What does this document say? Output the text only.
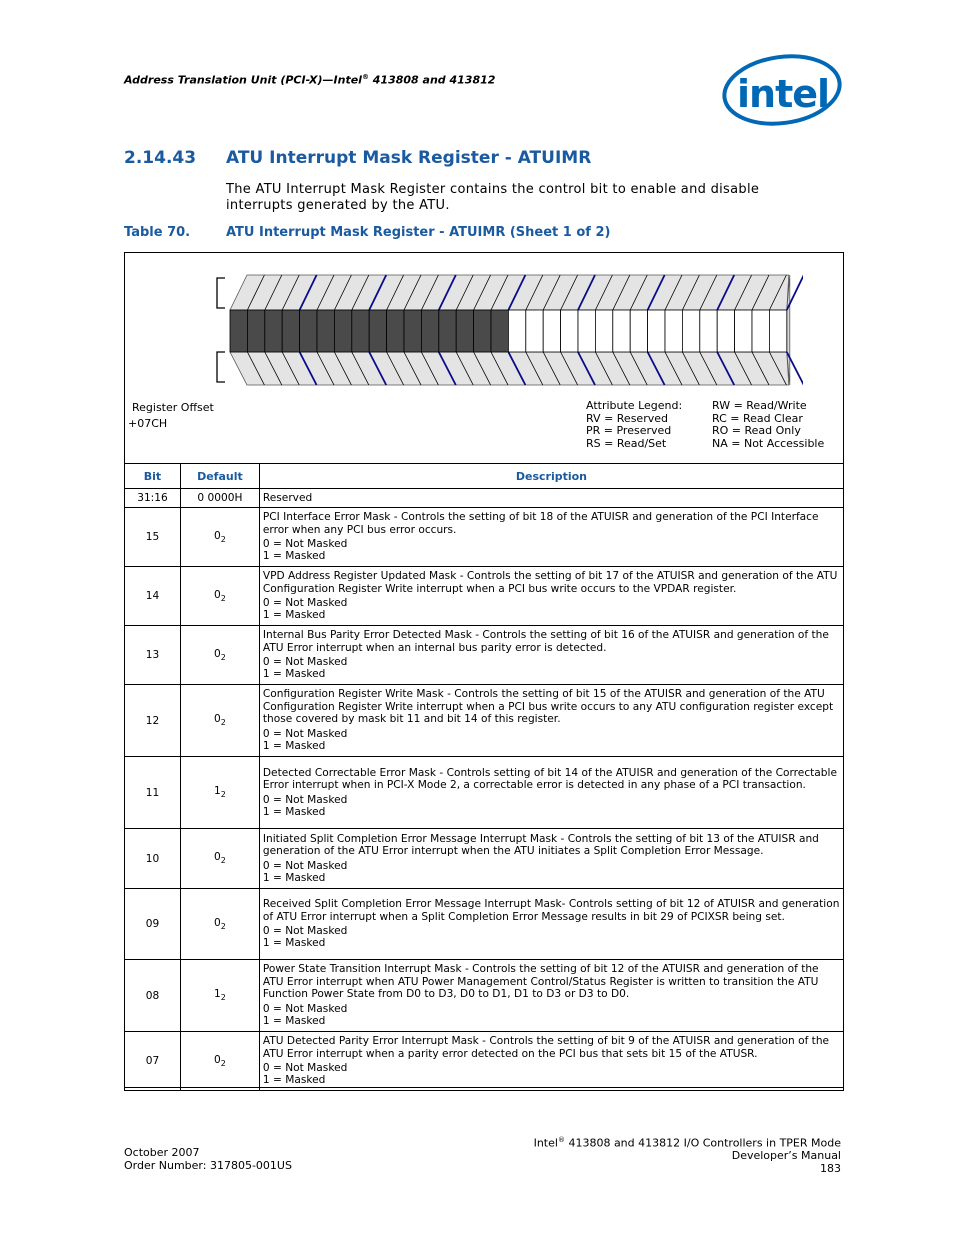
Address Translation Unit (PCI-X)—Intel® 413808 and 413812	intel
2.14.43 ATU Interrupt Mask Register - ATUIMR
The ATU Interrupt Mask Register contains the control bit to enable and disable interrupts generated by the ATU.
Table 70.	ATU Interrupt Mask Register - ATUIMR (Sheet 1 of 2)
Register Offset
+07CH
Attribute Legend:
RV = Reserved
PR = Preserved
RS = Read/Set
RW = Read/Write
RC = Read Clear
RO = Read Only
NA = Not Accessible
Bit	Default	Description
31:16	0 0000H	Reserved
15	$0_2$	PCI Interface Error Mask - Controls the setting of bit 18 of the ATUISR and generation of the PCI Interface error when any PCI bus error occurs.
0 = Not Masked
1 = Masked

14	$0_2$	VPD Address Register Updated Mask - Controls the setting of bit 17 of the ATUISR and generation of the ATU Configuration Register Write interrupt when a PCI bus write occurs to the VPDAR register.
0 = Not Masked
1 = Masked

13	$0_2$	Internal Bus Parity Error Detected Mask - Controls the setting of bit 16 of the ATUISR and generation of the ATU Error interrupt when an internal bus parity error is detected.
0 = Not Masked
1 = Masked

12	$0_2$	Configuration Register Write Mask - Controls the setting of bit 15 of the ATUISR and generation of the ATU Configuration Register Write interrupt when a PCI bus write occurs to any ATU configuration register except those covered by mask bit 11 and bit 14 of this register.
0 = Not Masked
1 = Masked

11	$1_2$	Detected Correctable Error Mask - Controls setting of bit 14 of the ATUISR and generation of the Correctable Error interrupt when in PCI-X Mode 2, a correctable error is detected in any phase of a PCI transaction.
0 = Not Masked
1 = Masked

10	$0_2$	Initiated Split Completion Error Message Interrupt Mask - Controls the setting of bit 13 of the ATUISR and generation of the ATU Error interrupt when the ATU initiates a Split Completion Error Message.
0 = Not Masked
1 = Masked

09	$0_2$	Received Split Completion Error Message Interrupt Mask- Controls setting of bit 12 of ATUISR and generation of ATU Error interrupt when a Split Completion Error Message results in bit 29 of PCIXSR being set.
0 = Not Masked
1 = Masked

08	$1_2$	Power State Transition Interrupt Mask - Controls the setting of bit 12 of the ATUISR and generation of the ATU Error interrupt when ATU Power Management Control/Status Register is written to transition the ATU Function Power State from D0 to D3, D0 to D1, D1 to D3 or D3 to D0.
0 = Not Masked
1 = Masked

07	$0_2$	ATU Detected Parity Error Interrupt Mask - Controls the setting of bit 9 of the ATUISR and generation of the ATU Error interrupt when a parity error detected on the PCI bus that sets bit 15 of the ATUSR.
0 = Not Masked
1 = Masked
October 2007
Order Number: 317805-001US
Intel® 413808 and 413812 I/O Controllers in TPER Mode
Developer’s Manual
183
